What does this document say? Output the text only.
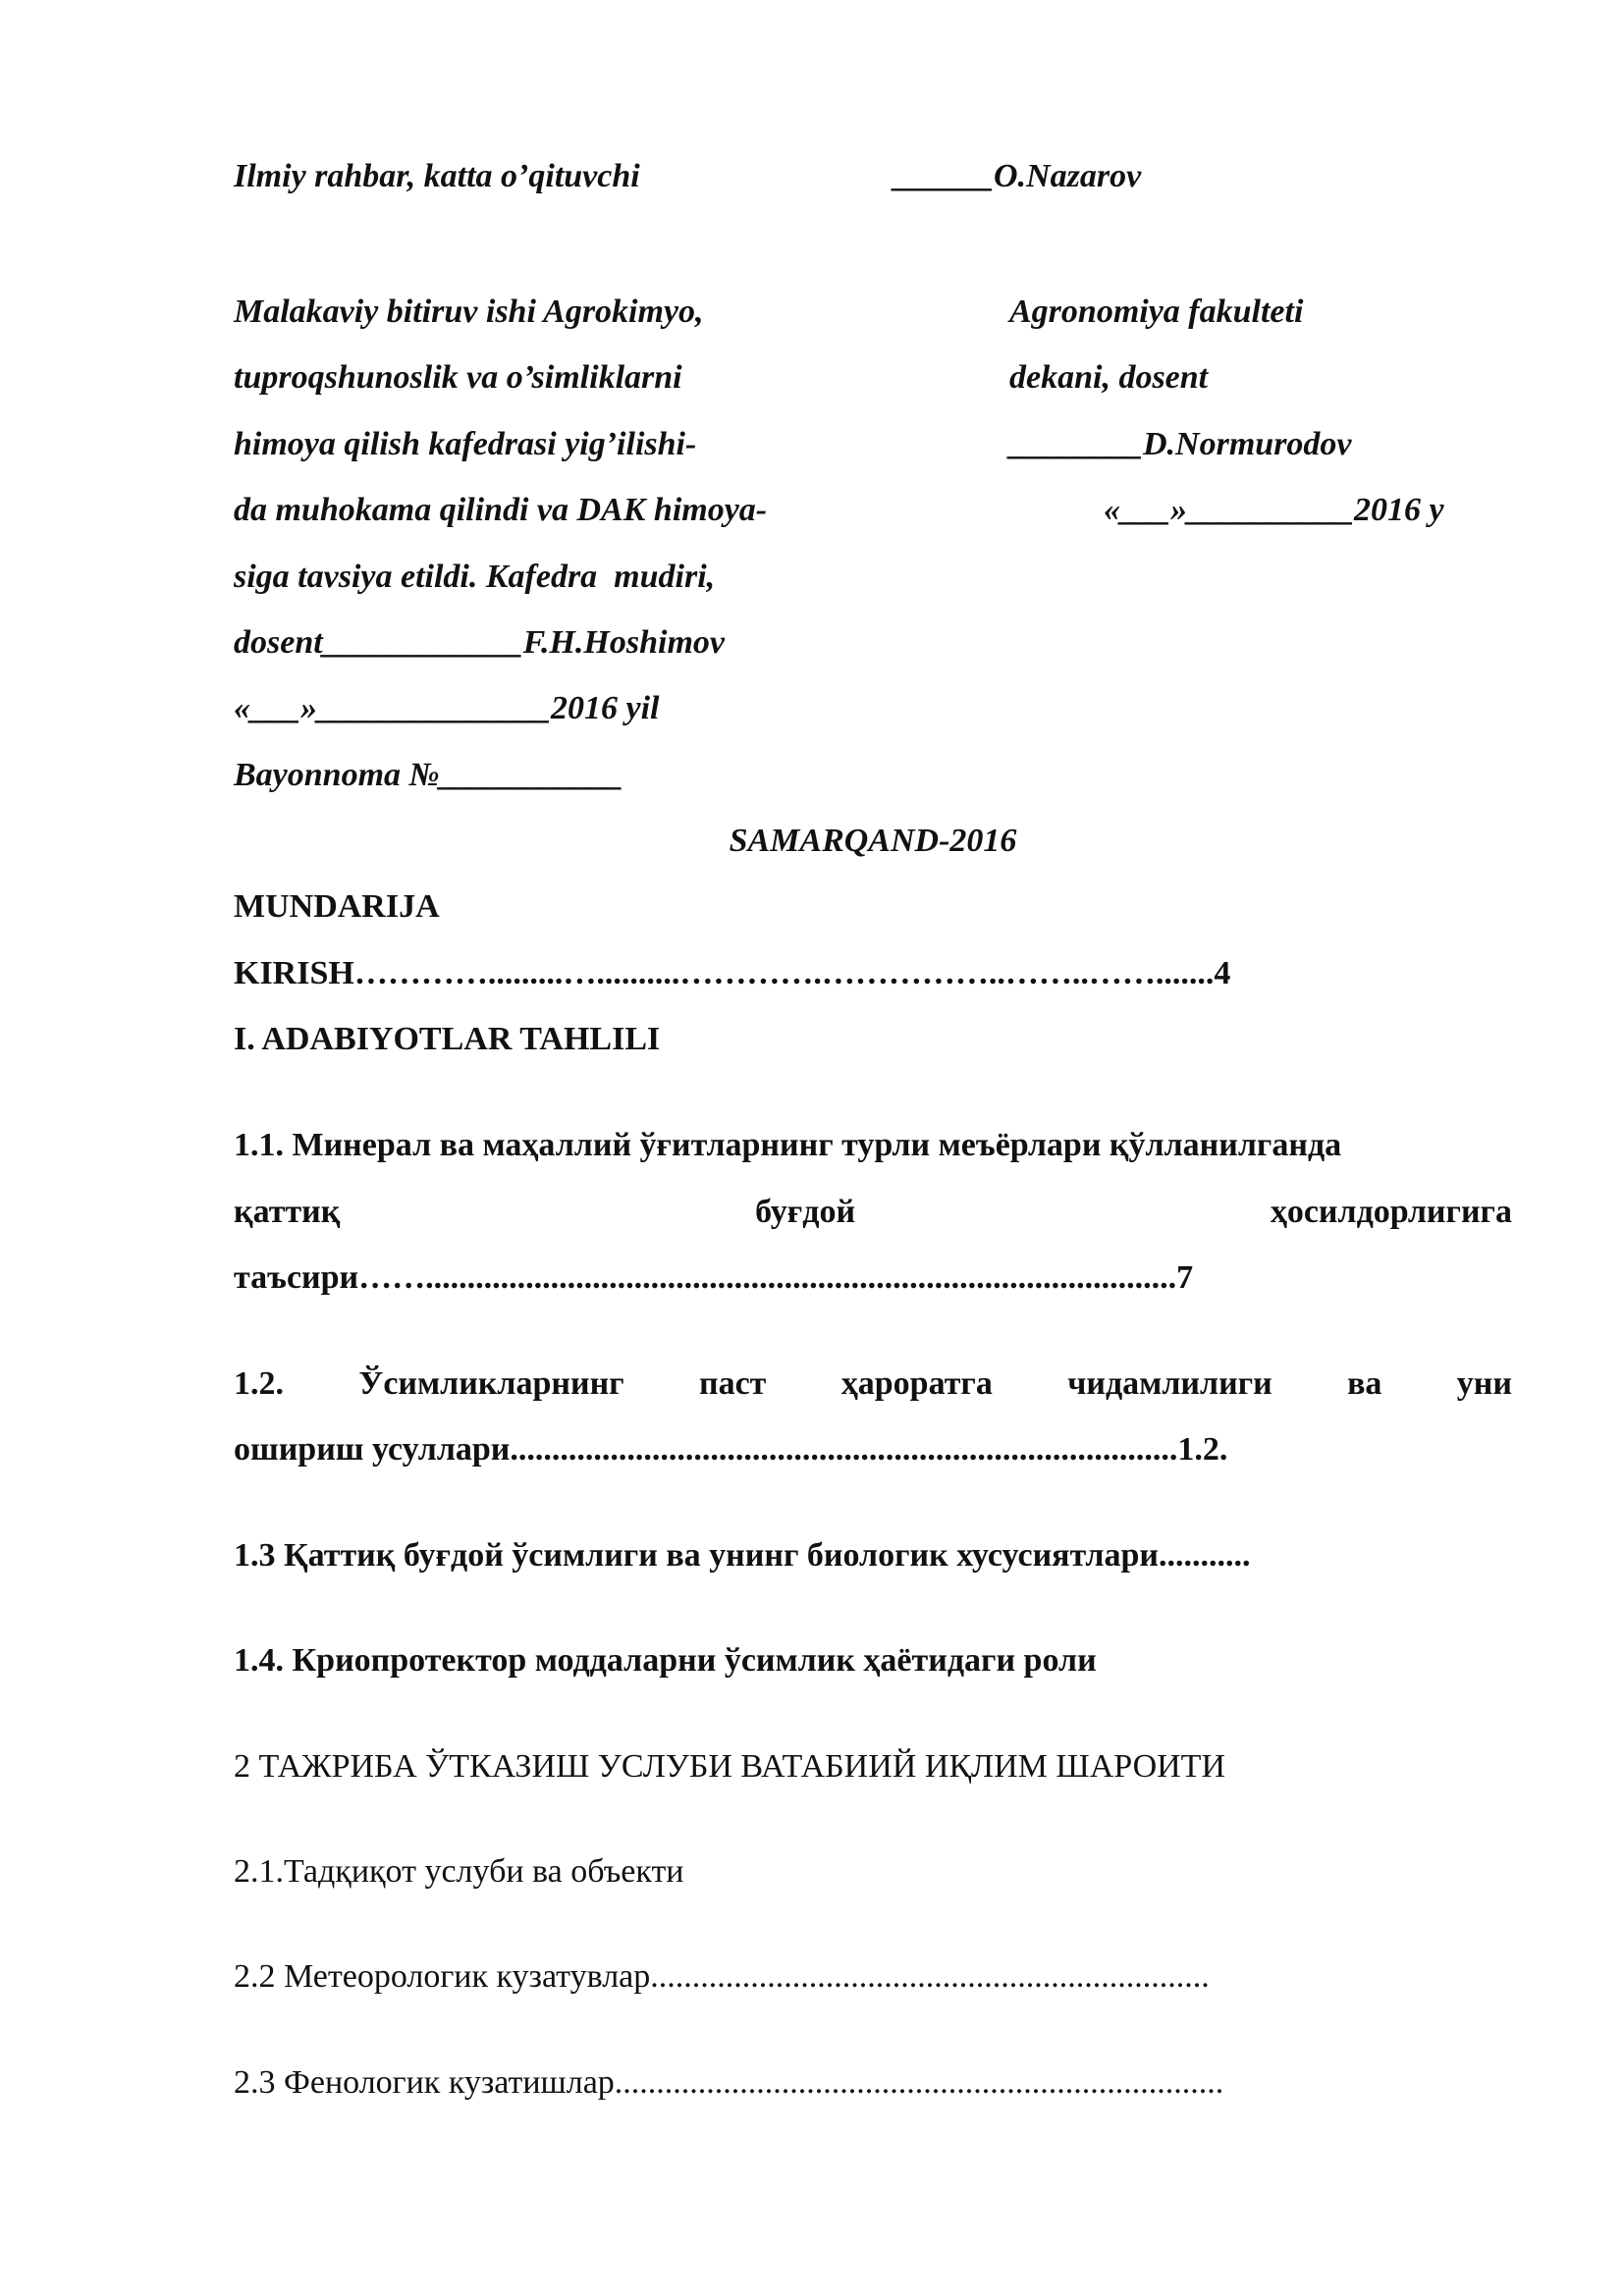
Ilmiy rahbar, katta o’qituvchi	______O.Nazarov
Malakaviy bitiruv ishi Agrokimyo,
tuproqshunoslik va o’simliklarni
himoya qilish kafedrasi yig’ilishi-
da muhokama qilindi va DAK himoya-
siga tavsiya etildi. Kafedra  mudiri,
dosent____________F.H.Hoshimov
«___»______________2016 yil
Bayonnoma №___________
Agronomiya fakulteti
dekani, dosent
________D.Normurodov
«___»__________2016 y
SAMARQAND-2016
MUNDARIJA
KIRISH………….........…..........………….……………..……..…….......4
I. ADABIYOTLAR TAHLILI
1.1. Минерал ва маҳаллий ўғитларнинг турли меъёрлари қўлланилганда
қаттиқ буғдой ҳосилдорлигига
таъсири……..........................................................................................7
1.2. Ўсимликларнинг паст ҳароратга чидамлилиги ва уни
ошириш усуллари................................................................................1.2.
1.3 Қаттиқ буғдой ўсимлиги ва унинг биологик хусусиятлари...........
1.4. Криопротектор моддаларни ўсимлик ҳаётидаги роли
2 ТАЖРИБА ЎТКАЗИШ УСЛУБИ ВАТАБИИЙ ИҚЛИМ ШАРОИТИ
2.1.Тадқиқот услуби ва объекти
2.2 Метеорологик кузатувлар...................................................................
2.3 Фенологик кузатишлар.........................................................................
